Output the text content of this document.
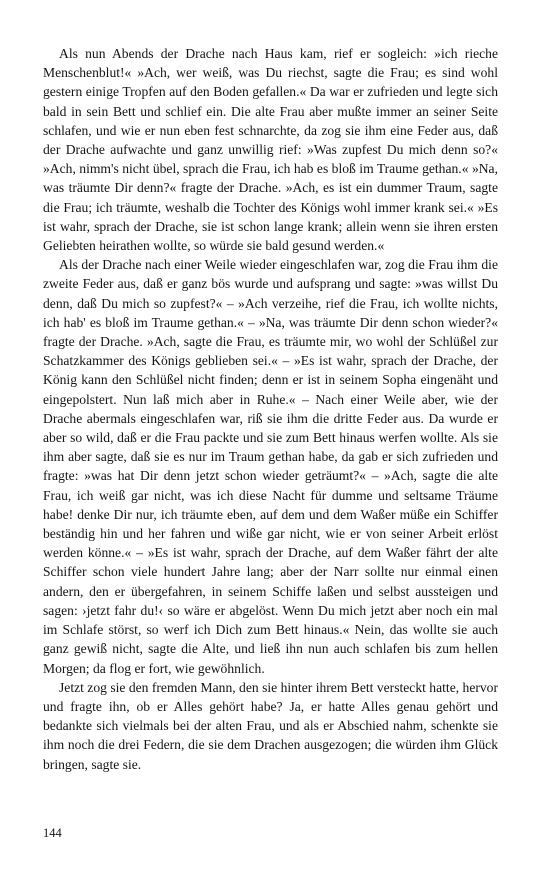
Als nun Abends der Drache nach Haus kam, rief er sogleich: »ich rieche Menschenblut!« »Ach, wer weiß, was Du riechst, sagte die Frau; es sind wohl gestern einige Tropfen auf den Boden gefallen.« Da war er zufrieden und legte sich bald in sein Bett und schlief ein. Die alte Frau aber mußte immer an seiner Seite schlafen, und wie er nun eben fest schnarchte, da zog sie ihm eine Feder aus, daß der Drache aufwachte und ganz unwillig rief: »Was zupfest Du mich denn so?« »Ach, nimm's nicht übel, sprach die Frau, ich hab es bloß im Traume gethan.« »Na, was träumte Dir denn?« fragte der Drache. »Ach, es ist ein dummer Traum, sagte die Frau; ich träumte, weshalb die Tochter des Königs wohl immer krank sei.« »Es ist wahr, sprach der Drache, sie ist schon lange krank; allein wenn sie ihren ersten Geliebten heirathen wollte, so würde sie bald gesund werden.«

Als der Drache nach einer Weile wieder eingeschlafen war, zog die Frau ihm die zweite Feder aus, daß er ganz bös wurde und aufsprang und sagte: »was willst Du denn, daß Du mich so zupfest?« – »Ach verzeihe, rief die Frau, ich wollte nichts, ich hab' es bloß im Traume gethan.« – »Na, was träumte Dir denn schon wieder?« fragte der Drache. »Ach, sagte die Frau, es träumte mir, wo wohl der Schlüßel zur Schatzkammer des Königs geblieben sei.« – »Es ist wahr, sprach der Drache, der König kann den Schlüßel nicht finden; denn er ist in seinem Sopha eingenäht und eingepolstert. Nun laß mich aber in Ruhe.« – Nach einer Weile aber, wie der Drache abermals eingeschlafen war, riß sie ihm die dritte Feder aus. Da wurde er aber so wild, daß er die Frau packte und sie zum Bett hinaus werfen wollte. Als sie ihm aber sagte, daß sie es nur im Traum gethan habe, da gab er sich zufrieden und fragte: »was hat Dir denn jetzt schon wieder geträumt?« – »Ach, sagte die alte Frau, ich weiß gar nicht, was ich diese Nacht für dumme und seltsame Träume habe! denke Dir nur, ich träumte eben, auf dem und dem Waßer müße ein Schiffer beständig hin und her fahren und wiße gar nicht, wie er von seiner Arbeit erlöst werden könne.« – »Es ist wahr, sprach der Drache, auf dem Waßer fährt der alte Schiffer schon viele hundert Jahre lang; aber der Narr sollte nur einmal einen andern, den er übergefahren, in seinem Schiffe laßen und selbst aussteigen und sagen: ›jetzt fahr du!‹ so wäre er abgelöst. Wenn Du mich jetzt aber noch ein mal im Schlafe störst, so werf ich Dich zum Bett hinaus.« Nein, das wollte sie auch ganz gewiß nicht, sagte die Alte, und ließ ihn nun auch schlafen bis zum hellen Morgen; da flog er fort, wie gewöhnlich.

Jetzt zog sie den fremden Mann, den sie hinter ihrem Bett versteckt hatte, hervor und fragte ihn, ob er Alles gehört habe? Ja, er hatte Alles genau gehört und bedankte sich vielmals bei der alten Frau, und als er Abschied nahm, schenkte sie ihm noch die drei Federn, die sie dem Drachen ausgezogen; die würden ihm Glück bringen, sagte sie.

144
